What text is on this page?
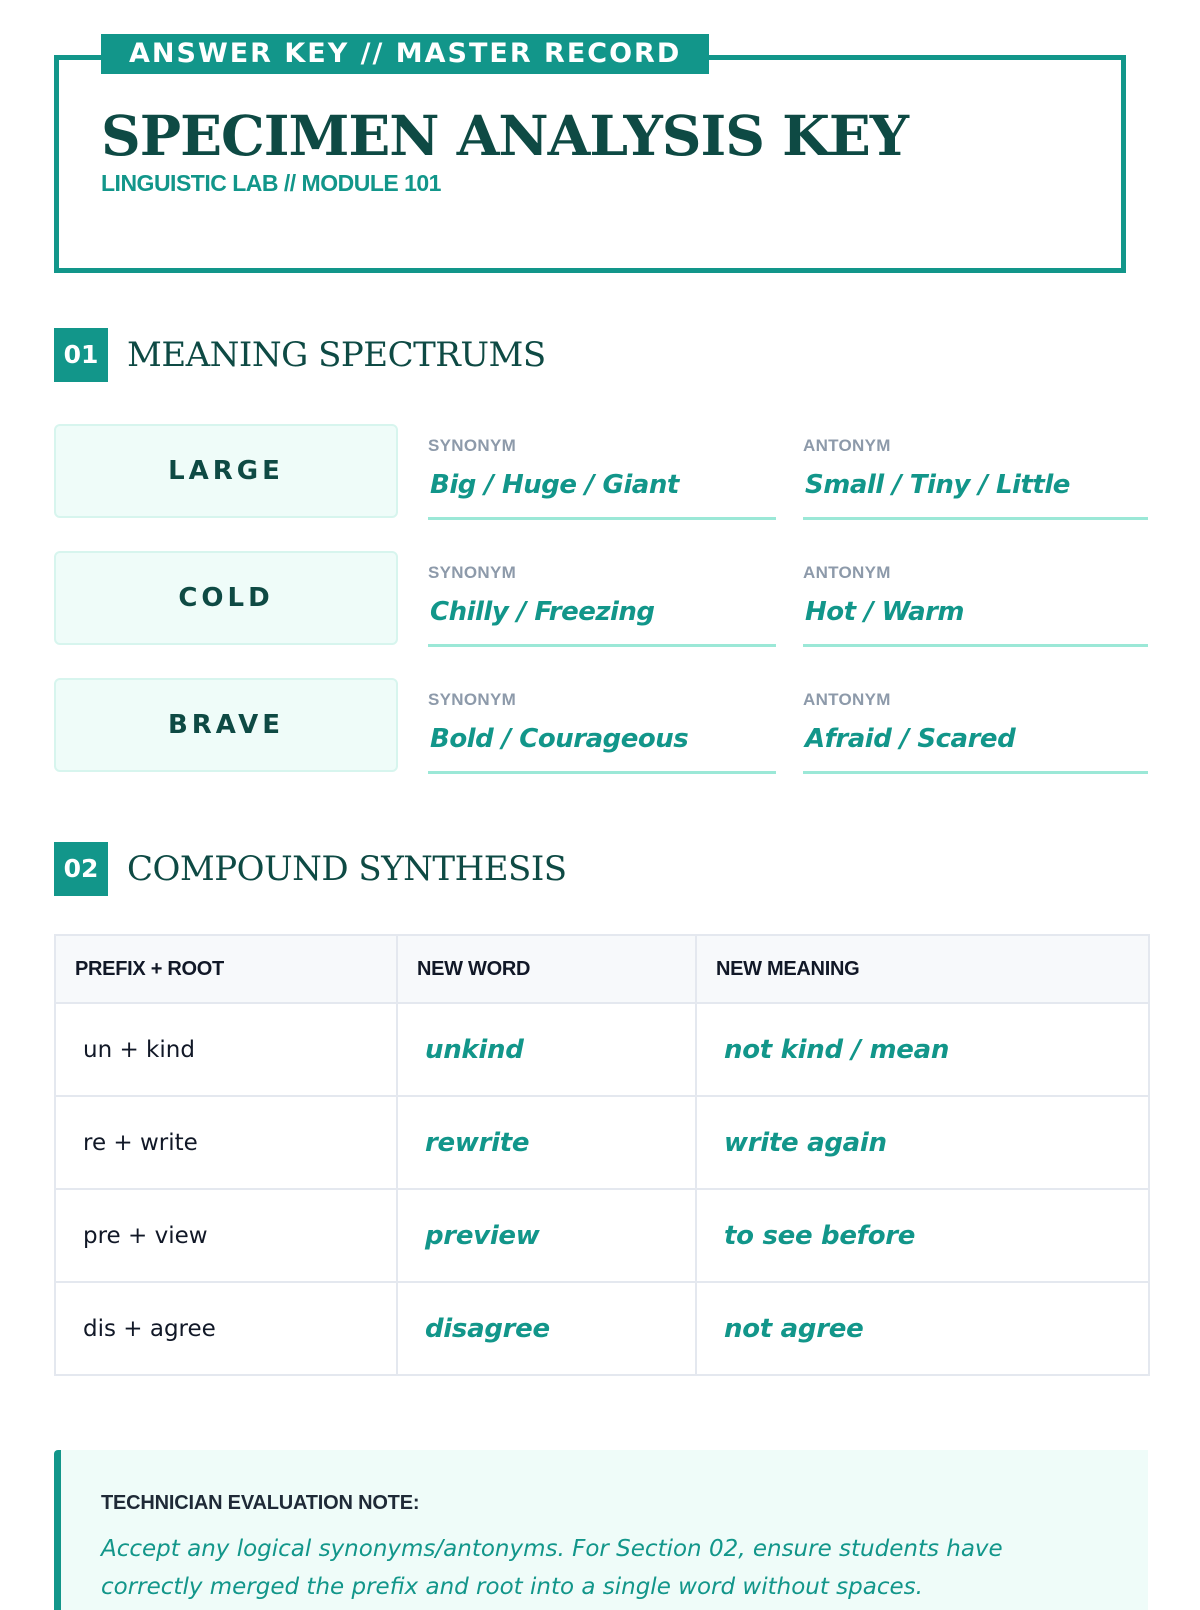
ANSWER KEY // MASTER RECORD
SPECIMEN ANALYSIS KEY
LINGUISTIC LAB // MODULE 101
01 MEANING SPECTRUMS
LARGE
SYNONYM
Big / Huge / Giant
ANTONYM
Small / Tiny / Little
COLD
SYNONYM
Chilly / Freezing
ANTONYM
Hot / Warm
BRAVE
SYNONYM
Bold / Courageous
ANTONYM
Afraid / Scared
02 COMPOUND SYNTHESIS
PREFIX + ROOT	NEW WORD	NEW MEANING
un + kind	unkind	not kind / mean
re + write	rewrite	write again
pre + view	preview	to see before
dis + agree	disagree	not agree
TECHNICIAN EVALUATION NOTE:
Accept any logical synonyms/antonyms. For Section 02, ensure students have correctly merged the prefix and root into a single word without spaces.
